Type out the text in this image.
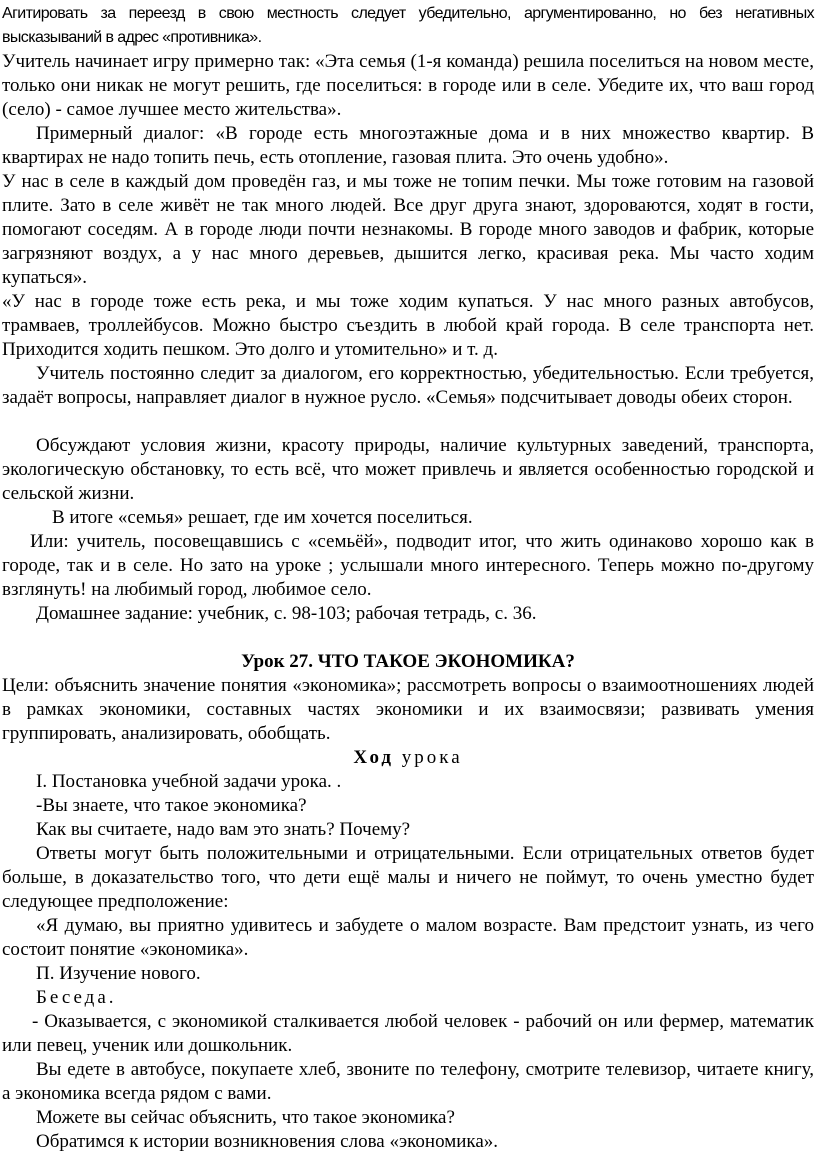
Агитировать за переезд в свою местность следует убедительно, аргументированно, но без негативных высказываний в адрес «противника».

Учитель начинает игру примерно так: «Эта семья (1-я команда) решила поселиться на новом месте, только они никак не могут решить, где поселиться: в городе или в селе. Убедите их, что ваш город (село) - самое лучшее место жительства».

Примерный диалог: «В городе есть многоэтажные дома и в них множество квартир. В квартирах не надо топить печь, есть отопление, газовая плита. Это очень удобно».

У нас в селе в каждый дом проведён газ, и мы тоже не топим печки. Мы тоже готовим на газовой плите. Зато в селе живёт не так много людей. Все друг друга знают, здороваются, ходят в гости, помогают соседям. А в городе люди почти незнакомы. В городе много заводов и фабрик, которые загрязняют воздух, а у нас много деревьев, дышится легко, красивая река. Мы часто ходим купаться».

«У нас в городе тоже есть река, и мы тоже ходим купаться. У нас много разных автобусов, трамваев, троллейбусов. Можно быстро съездить в любой край города. В селе транспорта нет. Приходится ходить пешком. Это долго и утомительно» и т. д.

Учитель постоянно следит за диалогом, его корректностью, убедительностью. Если требуется, задаёт вопросы, направляет диалог в нужное русло. «Семья» подсчитывает доводы обеих сторон.

Обсуждают условия жизни, красоту природы, наличие культурных заведений, транспорта, экологическую обстановку, то есть всё, что может привлечь и является особенностью городской и сельской жизни.

В итоге «семья» решает, где им хочется поселиться.

Или: учитель, посовещавшись с «семьёй», подводит итог, что жить одинаково хорошо как в городе, так и в селе. Но зато на уроке ; услышали много интересного. Теперь можно по-другому взглянуть! на любимый город, любимое село.

Домашнее задание: учебник, с. 98-103; рабочая тетрадь, с. 36.

Урок 27. ЧТО ТАКОЕ ЭКОНОМИКА?

Цели: объяснить значение понятия «экономика»; рассмотреть вопросы о взаимоотношениях людей в рамках экономики, составных частях экономики и их взаимосвязи; развивать умения группировать, анализировать, обобщать.

Ход урока

I. Постановка учебной задачи урока. .

-Вы знаете, что такое экономика?

Как вы считаете, надо вам это знать? Почему?

Ответы могут быть положительными и отрицательными. Если отрицательных ответов будет больше, в доказательство того, что дети ещё малы и ничего не поймут, то очень уместно будет следующее предположение:

«Я думаю, вы приятно удивитесь и забудете о малом возрасте. Вам предстоит узнать, из чего состоит понятие «экономика».

П. Изучение нового.

Беседа.

- Оказывается, с экономикой сталкивается любой человек - рабочий он или фермер, математик или певец, ученик или дошкольник.

Вы едете в автобусе, покупаете хлеб, звоните по телефону, смотрите телевизор, читаете книгу, а экономика всегда рядом с вами.

Можете вы сейчас объяснить, что такое экономика?

Обратимся к истории возникновения слова «экономика».
